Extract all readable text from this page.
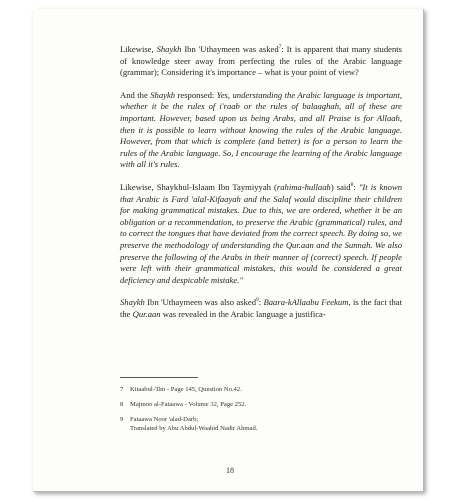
Likewise, Shaykh Ibn 'Uthaymeen was asked$^7$: It is apparent that many students of knowledge steer away from perfecting the rules of the Arabic language (grammar); Considering it's importance – what is your point of view?

And the Shaykh responsed: Yes, understanding the Arabic language is important, whether it be the rules of i'raab or the rules of balaaghah, all of these are important. However, based upon us being Arabs, and all Praise is for Allaah, then it is possible to learn without knowing the rules of the Arabic language. However, from that which is complete (and better) is for a person to learn the rules of the Arabic language. So, I encourage the learning of the Arabic language with all it's rules.

Likewise, Shaykhul-Islaam Ibn Taymiyyah (rahima-hullaah) said$^8$: "It is known that Arabic is Fard 'alal-Kifaayah and the Salaf would discipline their children for making grammatical mistakes. Due to this, we are ordered, whether it be an obligation or a recommendation, to preserve the Arabic (grammatical) rules, and to correct the tongues that have deviated from the correct speech. By doing so, we preserve the methodology of understanding the Qur.aan and the Sunnah. We also preserve the following of the Arabs in their manner of (correct) speech. If people were left with their grammatical mistakes, this would be considered a great deficiency and despicable mistake."

Shaykh Ibn 'Uthaymeen was also asked$^9$: Baara-kAllaabu Feekum, is the fact that the Qur.aan was revealed in the Arabic language a justifica-

7 Kitaabul-'Ilm - Page 145, Question No.42.
8 Majmoo al-Fataawa - Volume 32, Page 252.
9 Fataawa Noor 'alad-Darb;
Translated by Abu Abdul-Waahid Nadir Ahmad.
18
